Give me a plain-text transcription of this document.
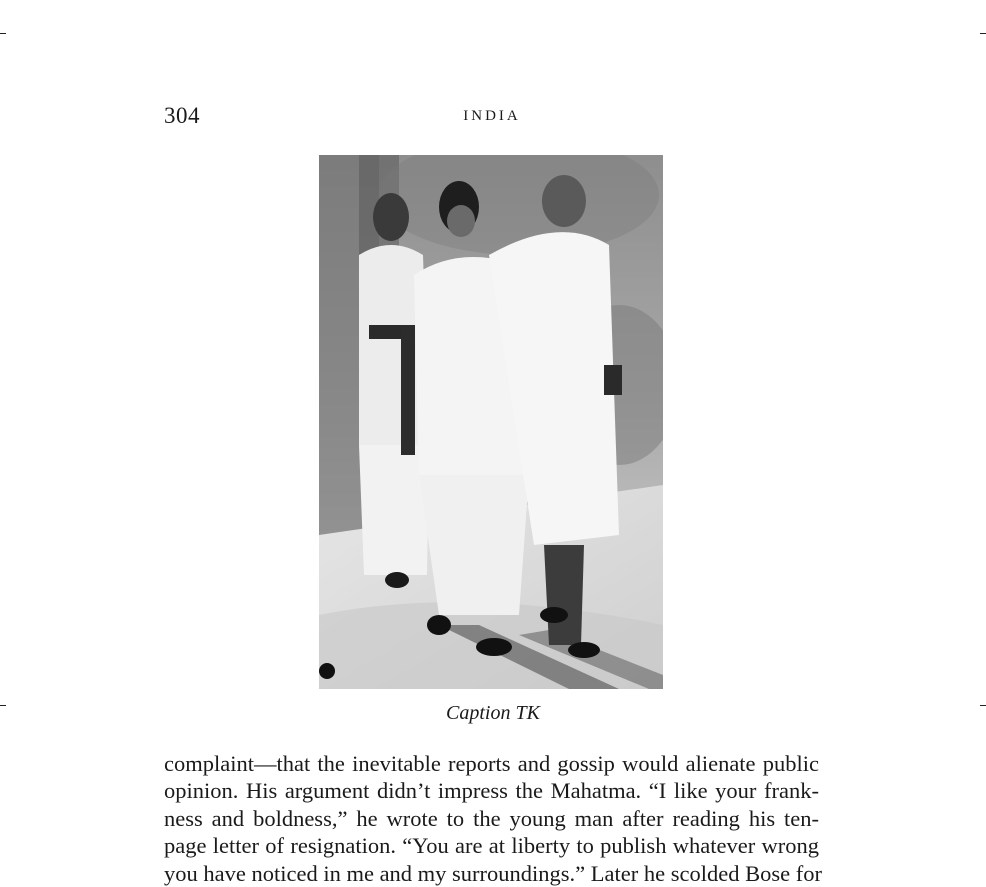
304	INDIA
Caption TK
complaint—that the inevitable reports and gossip would alienate public
opinion. His argument didn’t impress the Mahatma. “I like your frank-
ness and boldness,” he wrote to the young man after reading his ten-
page letter of resignation. “You are at liberty to publish whatever wrong
you have noticed in me and my surroundings.” Later he scolded Bose for
